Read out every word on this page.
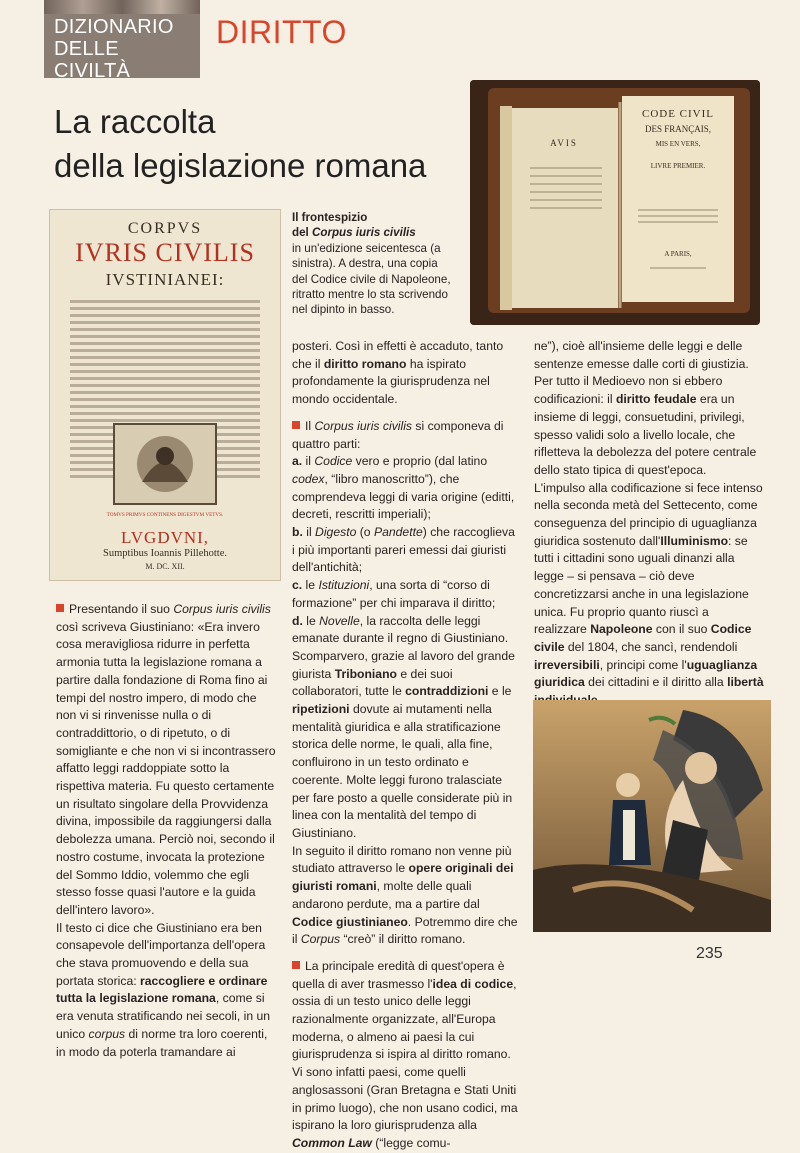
DIZIONARIO
DELLE CIVILTÀ
DIRITTO
La raccolta
della legislazione romana
AVIS
CODE CIVIL
DES FRANÇAIS,
MIS EN VERS,
LIVRE PREMIER.
A PARIS,
CORPVS
IVRIS CIVILIS
IVSTINIANEI:
TOMVS PRIMVS CONTINENS DIGESTVM VETVS.
LVGDVNI,
Sumptibus Ioannis Pillehotte.
M. DC. XII.
Il frontespizio
del Corpus iuris civilis
in un'edizione seicentesca (a sinistra). A destra, una copia del Codice civile di Napoleone, ritratto mentre lo sta scrivendo nel dipinto in basso.

Presentando il suo Corpus iuris civilis così scriveva Giustiniano: «Era invero cosa meravigliosa ridurre in perfetta armonia tutta la legislazione romana a partire dalla fondazione di Roma fino ai tempi del nostro impero, di modo che non vi si rinvenisse nulla o di contraddittorio, o di ripetuto, o di somigliante e che non vi si incontrassero affatto leggi raddoppiate sotto la rispettiva materia. Fu questo certamente un risultato singolare della Provvidenza divina, impossibile da raggiungersi dalla debolezza umana. Perciò noi, secondo il nostro costume, invocata la protezione del Sommo Iddio, volemmo che egli stesso fosse quasi l'autore e la guida dell'intero lavoro».

Il testo ci dice che Giustiniano era ben consapevole dell'importanza dell'opera che stava promuovendo e della sua portata storica: raccogliere e ordinare tutta la legislazione romana, come si era venuta stratificando nei secoli, in un unico corpus di norme tra loro coerenti, in modo da poterla tramandare ai

posteri. Così in effetti è accaduto, tanto che il diritto romano ha ispirato profondamente la giurisprudenza nel mondo occidentale.

Il Corpus iuris civilis si componeva di quattro parti:

a. il Codice vero e proprio (dal latino codex, “libro manoscritto”), che comprendeva leggi di varia origine (editti, decreti, rescritti imperiali);

b. il Digesto (o Pandette) che raccoglieva i più importanti pareri emessi dai giuristi dell'antichità;

c. le Istituzioni, una sorta di “corso di formazione” per chi imparava il diritto;

d. le Novelle, la raccolta delle leggi emanate durante il regno di Giustiniano.

Scomparvero, grazie al lavoro del grande giurista Triboniano e dei suoi collaboratori, tutte le contraddizioni e le ripetizioni dovute ai mutamenti nella mentalità giuridica e alla stratificazione storica delle norme, le quali, alla fine, confluirono in un testo ordinato e coerente. Molte leggi furono tralasciate per fare posto a quelle considerate più in linea con la mentalità del tempo di Giustiniano.

In seguito il diritto romano non venne più studiato attraverso le opere originali dei giuristi romani, molte delle quali andarono perdute, ma a partire dal Codice giustinianeo. Potremmo dire che il Corpus “creò” il diritto romano.

La principale eredità di quest'opera è quella di aver trasmesso l'idea di codice, ossia di un testo unico delle leggi razionalmente organizzate, all'Europa moderna, o almeno ai paesi la cui giurisprudenza si ispira al diritto romano. Vi sono infatti paesi, come quelli anglosassoni (Gran Bretagna e Stati Uniti in primo luogo), che non usano codici, ma ispirano la loro giurisprudenza alla Common Law (“legge comu-

ne”), cioè all'insieme delle leggi e delle sentenze emesse dalle corti di giustizia.

Per tutto il Medioevo non si ebbero codificazioni: il diritto feudale era un insieme di leggi, consuetudini, privilegi, spesso validi solo a livello locale, che rifletteva la debolezza del potere centrale dello stato tipica di quest'epoca.

L'impulso alla codificazione si fece intenso nella seconda metà del Settecento, come conseguenza del principio di uguaglianza giuridica sostenuto dall'Illuminismo: se tutti i cittadini sono uguali dinanzi alla legge – si pensava – ciò deve concretizzarsi anche in una legislazione unica. Fu proprio quanto riuscì a realizzare Napoleone con il suo Codice civile del 1804, che sancì, rendendoli irreversibili, principi come l'uguaglianza giuridica dei cittadini e il diritto alla libertà

235
